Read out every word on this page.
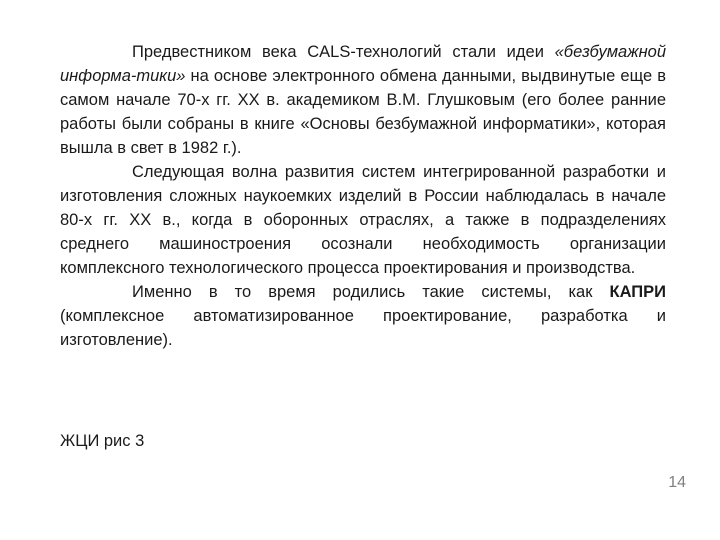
Предвестником века CALS-технологий стали идеи «безбумажной информа-тики» на основе электронного обмена данными, выдвинутые еще в самом начале 70-х гг. XX в. академиком В.М. Глушковым (его более ранние работы были собраны в книге «Основы безбумажной информатики», которая вышла в свет в 1982 г.).

Следующая волна развития систем интегрированной разработки и изготовления сложных наукоемких изделий в России наблюдалась в начале 80-х гг. XX в., когда в оборонных отраслях, а также в подразделениях среднего машиностроения осознали необходимость организации комплексного технологического процесса проектирования и производства.

Именно в то время родились такие системы, как КАПРИ (комплексное автоматизированное проектирование, разработка и изготовление).

ЖЦИ рис 3
14
